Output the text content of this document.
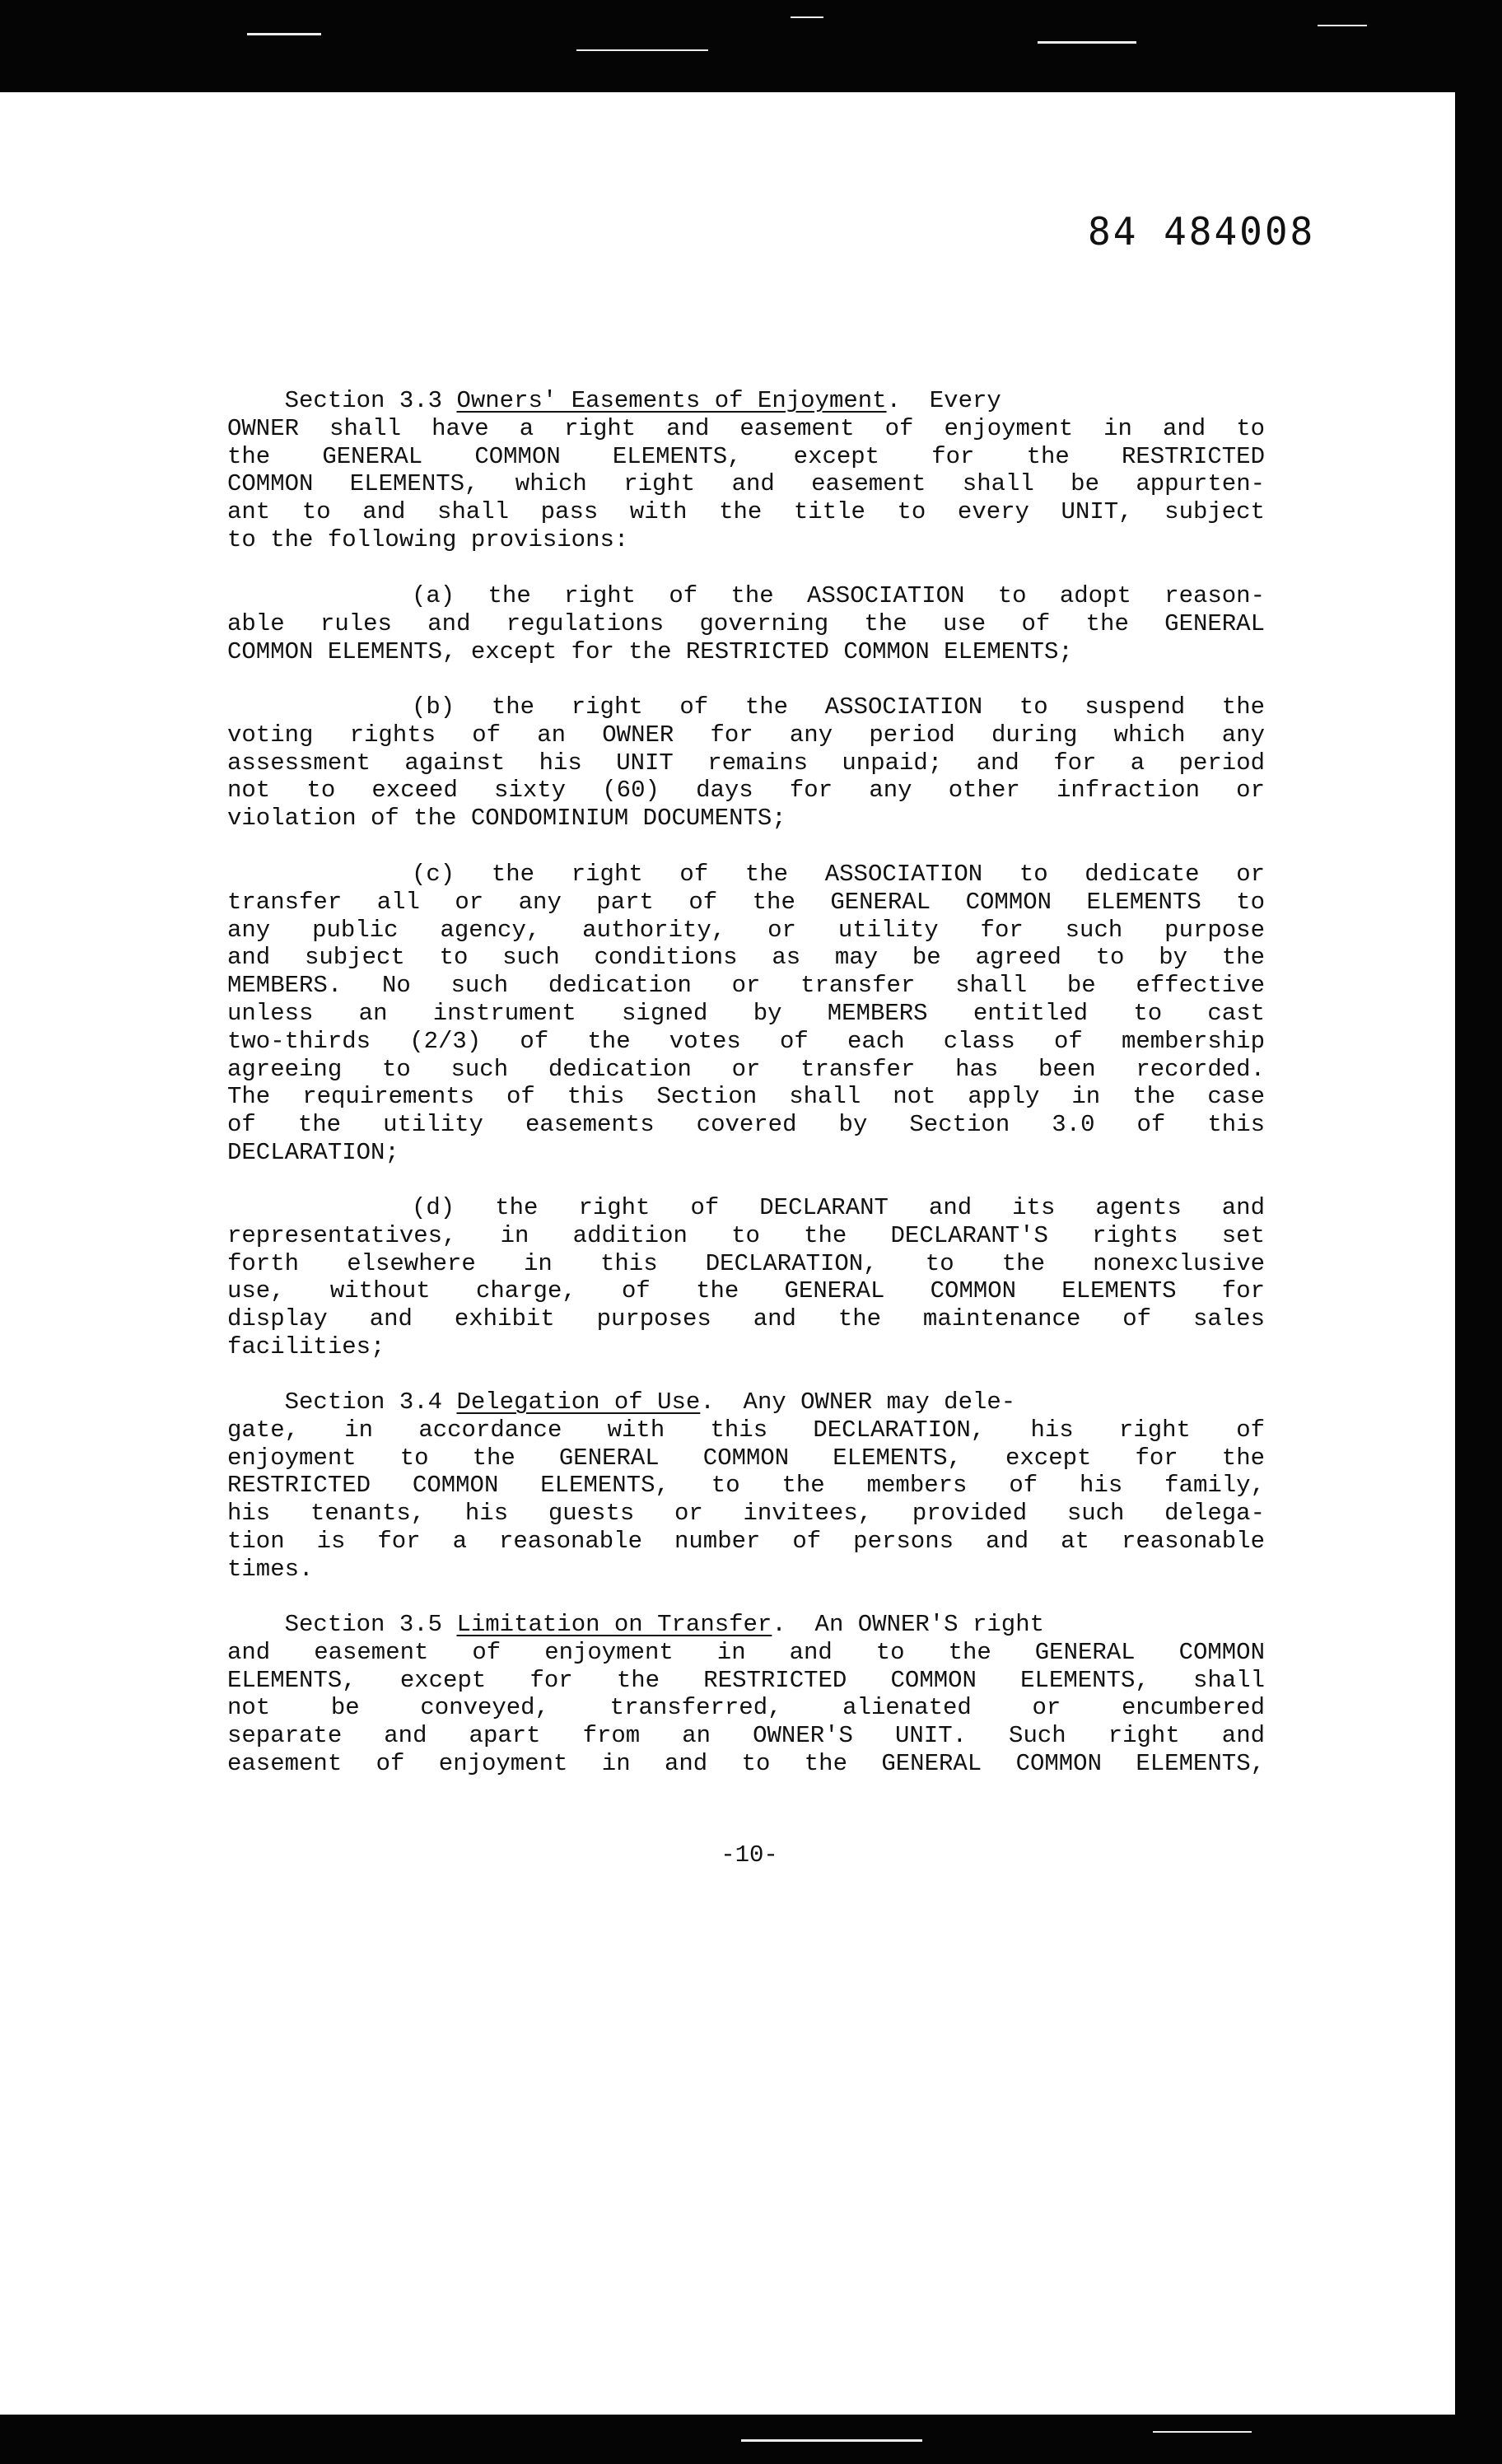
84 484008
Section 3.3 Owners' Easements of Enjoyment.  Every
OWNER shall have a right and easement of enjoyment in and to
the GENERAL COMMON ELEMENTS, except for the RESTRICTED
COMMON ELEMENTS, which right and easement shall be appurten-
ant to and shall pass with the title to every UNIT, subject
to the following provisions:
(a) the right of the ASSOCIATION to adopt reason-
able rules and regulations governing the use of the GENERAL
COMMON ELEMENTS, except for the RESTRICTED COMMON ELEMENTS;
(b) the right of the ASSOCIATION to suspend the
voting rights of an OWNER for any period during which any
assessment against his UNIT remains unpaid; and for a period
not to exceed sixty (60) days for any other infraction or
violation of the CONDOMINIUM DOCUMENTS;
(c) the right of the ASSOCIATION to dedicate or
transfer all or any part of the GENERAL COMMON ELEMENTS to
any public agency, authority, or utility for such purpose
and subject to such conditions as may be agreed to by the
MEMBERS. No such dedication or transfer shall be effective
unless an instrument signed by MEMBERS entitled to cast
two-thirds (2/3) of the votes of each class of membership
agreeing to such dedication or transfer has been recorded.
The requirements of this Section shall not apply in the case
of the utility easements covered by Section 3.0 of this
DECLARATION;
(d) the right of DECLARANT and its agents and
representatives, in addition to the DECLARANT'S rights set
forth elsewhere in this DECLARATION, to the nonexclusive
use, without charge, of the GENERAL COMMON ELEMENTS for
display and exhibit purposes and the maintenance of sales
facilities;
Section 3.4 Delegation of Use.  Any OWNER may dele-
gate, in accordance with this DECLARATION, his right of
enjoyment to the GENERAL COMMON ELEMENTS, except for the
RESTRICTED COMMON ELEMENTS, to the members of his family,
his tenants, his guests or invitees, provided such delega-
tion is for a reasonable number of persons and at reasonable
times.
Section 3.5 Limitation on Transfer.  An OWNER'S right
and easement of enjoyment in and to the GENERAL COMMON
ELEMENTS, except for the RESTRICTED COMMON ELEMENTS, shall
not be conveyed, transferred, alienated or encumbered
separate and apart from an OWNER'S UNIT. Such right and
easement of enjoyment in and to the GENERAL COMMON ELEMENTS,
-10-
